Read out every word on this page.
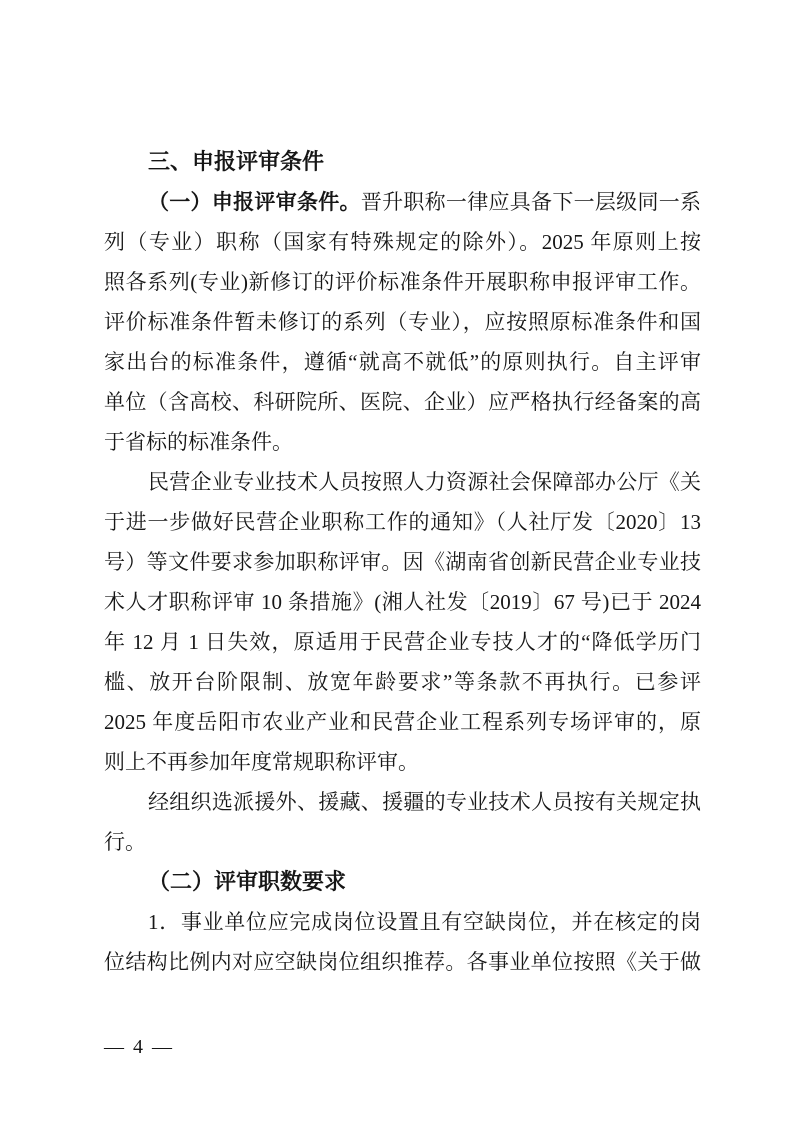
三、申报评审条件
（一）申报评审条件。晋升职称一律应具备下一层级同一系
列（专业）职称（国家有特殊规定的除外）。2025 年原则上按
照各系列(专业)新修订的评价标准条件开展职称申报评审工作。
评价标准条件暂未修订的系列（专业），应按照原标准条件和国
家出台的标准条件，遵循“就高不就低”的原则执行。自主评审
单位（含高校、科研院所、医院、企业）应严格执行经备案的高
于省标的标准条件。
民营企业专业技术人员按照人力资源社会保障部办公厅《关
于进一步做好民营企业职称工作的通知》（人社厅发〔2020〕13
号）等文件要求参加职称评审。因《湖南省创新民营企业专业技
术人才职称评审 10 条措施》(湘人社发〔2019〕67 号)已于 2024
年 12 月 1 日失效，原适用于民营企业专技人才的“降低学历门
槛、放开台阶限制、放宽年龄要求”等条款不再执行。已参评
2025 年度岳阳市农业产业和民营企业工程系列专场评审的，原
则上不再参加年度常规职称评审。
经组织选派援外、援藏、援疆的专业技术人员按有关规定执
行。
（二）评审职数要求
1．事业单位应完成岗位设置且有空缺岗位，并在核定的岗
位结构比例内对应空缺岗位组织推荐。各事业单位按照《关于做
— 4 —
